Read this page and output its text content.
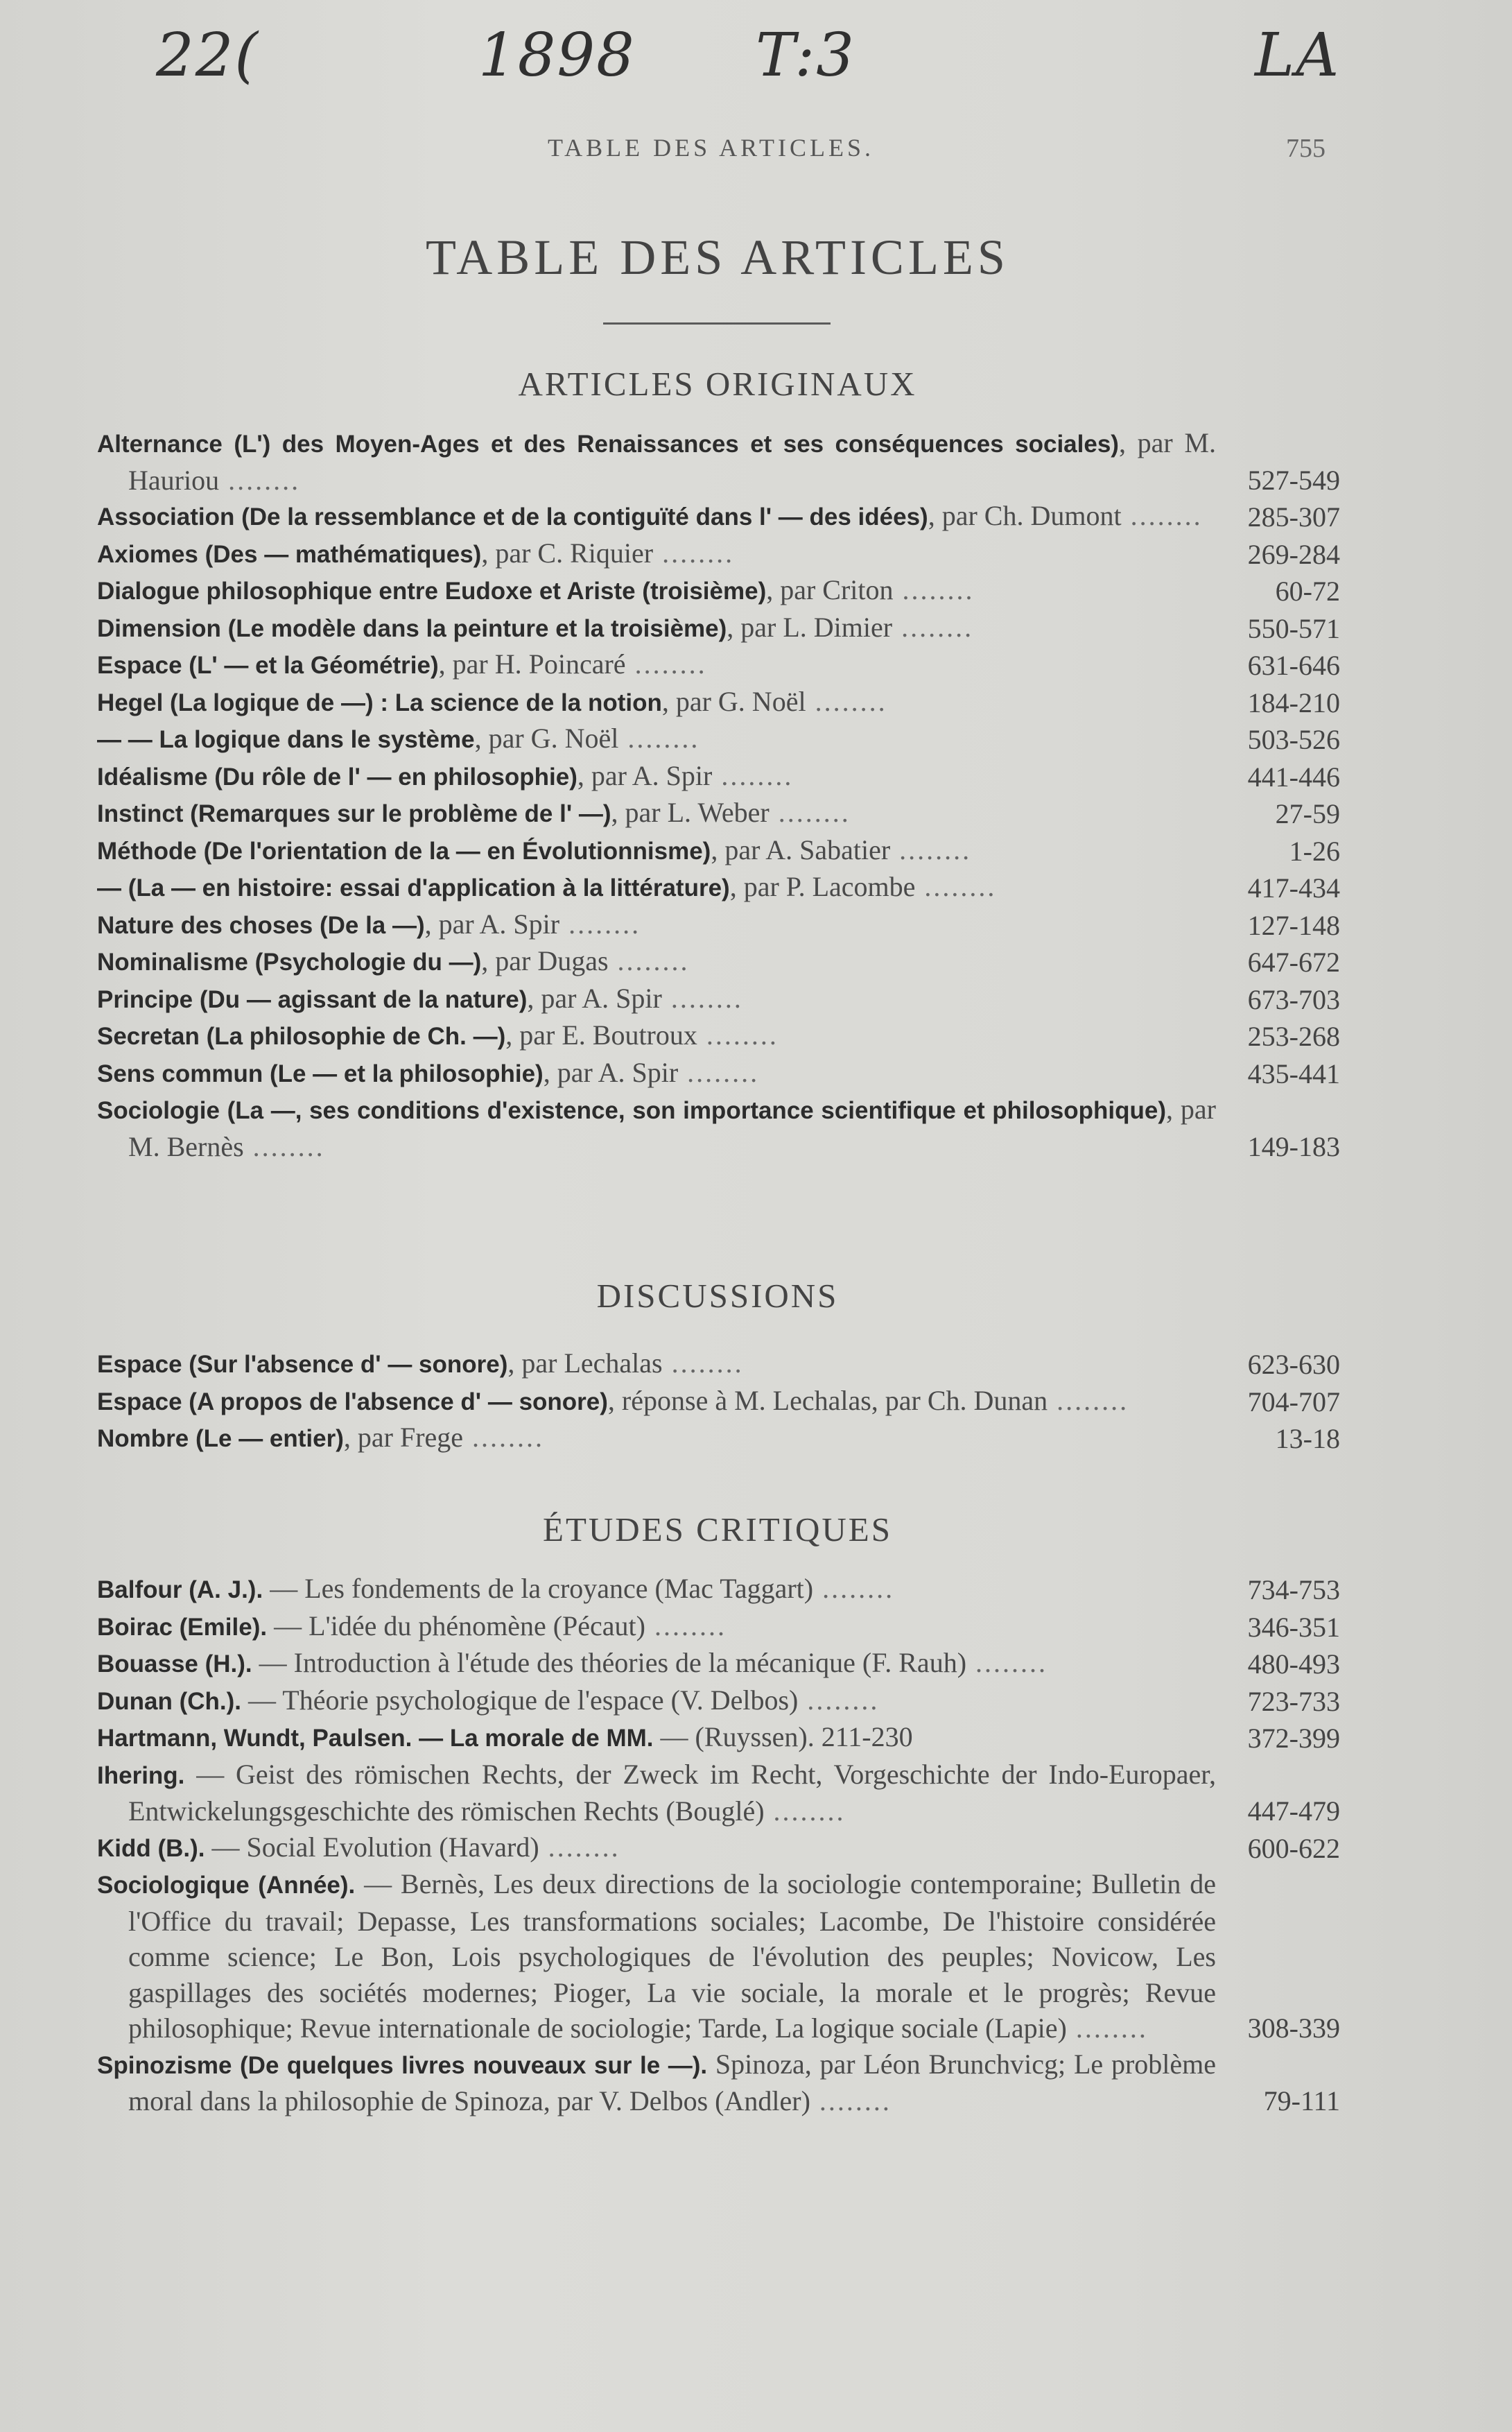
22(	1898 T:3	LA
TABLE DES ARTICLES.	755
TABLE DES ARTICLES
ARTICLES ORIGINAUX
Alternance (L') des Moyen-Ages et des Renaissances et ses conséquences sociales), par M. Hauriou ........	527-549
Association (De la ressemblance et de la contiguïté dans l' — des idées), par Ch. Dumont ........	285-307
Axiomes (Des — mathématiques), par C. Riquier ........	269-284
Dialogue philosophique entre Eudoxe et Ariste (troisième), par Criton ........	60-72
Dimension (Le modèle dans la peinture et la troisième), par L. Dimier ........	550-571
Espace (L' — et la Géométrie), par H. Poincaré ........	631-646
Hegel (La logique de —) : La science de la notion, par G. Noël ........	184-210
— — La logique dans le système, par G. Noël ........	503-526
Idéalisme (Du rôle de l' — en philosophie), par A. Spir ........	441-446
Instinct (Remarques sur le problème de l' —), par L. Weber ........	27-59
Méthode (De l'orientation de la — en Évolutionnisme), par A. Sabatier ........	1-26
— (La — en histoire: essai d'application à la littérature), par P. Lacombe ........	417-434
Nature des choses (De la —), par A. Spir ........	127-148
Nominalisme (Psychologie du —), par Dugas ........	647-672
Principe (Du — agissant de la nature), par A. Spir ........	673-703
Secretan (La philosophie de Ch. —), par E. Boutroux ........	253-268
Sens commun (Le — et la philosophie), par A. Spir ........	435-441
Sociologie (La —, ses conditions d'existence, son importance scientifique et philosophique), par M. Bernès ........	149-183
DISCUSSIONS
Espace (Sur l'absence d' — sonore), par Lechalas ........	623-630
Espace (A propos de l'absence d' — sonore), réponse à M. Lechalas, par Ch. Dunan ........	704-707
Nombre (Le — entier), par Frege ........	13-18
ÉTUDES CRITIQUES
Balfour (A. J.). — Les fondements de la croyance (Mac Taggart) ........	734-753
Boirac (Emile). — L'idée du phénomène (Pécaut) ........	346-351
Bouasse (H.). — Introduction à l'étude des théories de la mécanique (F. Rauh) ........	480-493
Dunan (Ch.). — Théorie psychologique de l'espace (V. Delbos) ........	723-733
Hartmann, Wundt, Paulsen. — La morale de MM. — (Ruyssen). 211-230	372-399
Ihering. — Geist des römischen Rechts, der Zweck im Recht, Vorgeschichte der Indo-Europaer, Entwickelungsgeschichte des römischen Rechts (Bouglé) ........	447-479
Kidd (B.). — Social Evolution (Havard) ........	600-622
Sociologique (Année). — Bernès, Les deux directions de la sociologie contemporaine; Bulletin de l'Office du travail; Depasse, Les transformations sociales; Lacombe, De l'histoire considérée comme science; Le Bon, Lois psychologiques de l'évolution des peuples; Novicow, Les gaspillages des sociétés modernes; Pioger, La vie sociale, la morale et le progrès; Revue philosophique; Revue internationale de sociologie; Tarde, La logique sociale (Lapie) ........	308-339
Spinozisme (De quelques livres nouveaux sur le —). Spinoza, par Léon Brunchvicg; Le problème moral dans la philosophie de Spinoza, par V. Delbos (Andler) ........	79-111
